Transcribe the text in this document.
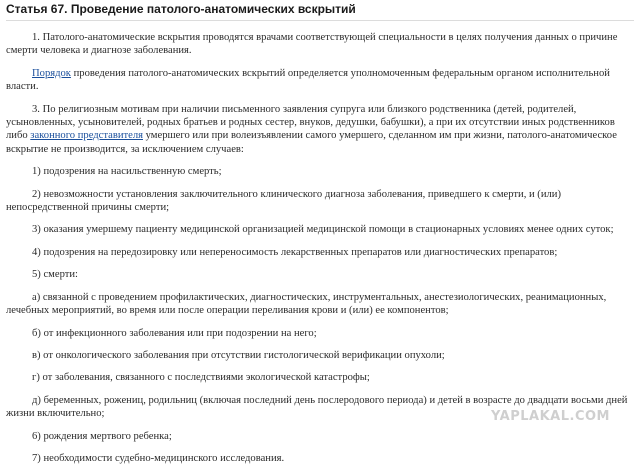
Статья 67. Проведение патолого-анатомических вскрытий

1. Патолого-анатомические вскрытия проводятся врачами соответствующей специальности в целях получения данных о причине смерти человека и диагнозе заболевания.

Порядок проведения патолого-анатомических вскрытий определяется уполномоченным федеральным органом исполнительной власти.

3. По религиозным мотивам при наличии письменного заявления супруга или близкого родственника (детей, родителей, усыновленных, усыновителей, родных братьев и родных сестер, внуков, дедушки, бабушки), а при их отсутствии иных родственников либо законного представителя умершего или при волеизъявлении самого умершего, сделанном им при жизни, патолого-анатомическое вскрытие не производится, за исключением случаев:

1) подозрения на насильственную смерть;

2) невозможности установления заключительного клинического диагноза заболевания, приведшего к смерти, и (или) непосредственной причины смерти;

3) оказания умершему пациенту медицинской организацией медицинской помощи в стационарных условиях менее одних суток;

4) подозрения на передозировку или непереносимость лекарственных препаратов или диагностических препаратов;

5) смерти:

а) связанной с проведением профилактических, диагностических, инструментальных, анестезиологических, реанимационных, лечебных мероприятий, во время или после операции переливания крови и (или) ее компонентов;

б) от инфекционного заболевания или при подозрении на него;

в) от онкологического заболевания при отсутствии гистологической верификации опухоли;

г) от заболевания, связанного с последствиями экологической катастрофы;

д) беременных, рожениц, родильниц (включая последний день послеродового периода) и детей в возрасте до двадцати восьми дней жизни включительно;

6) рождения мертвого ребенка;

7) необходимости судебно-медицинского исследования.

YAPLAKAL.COM
